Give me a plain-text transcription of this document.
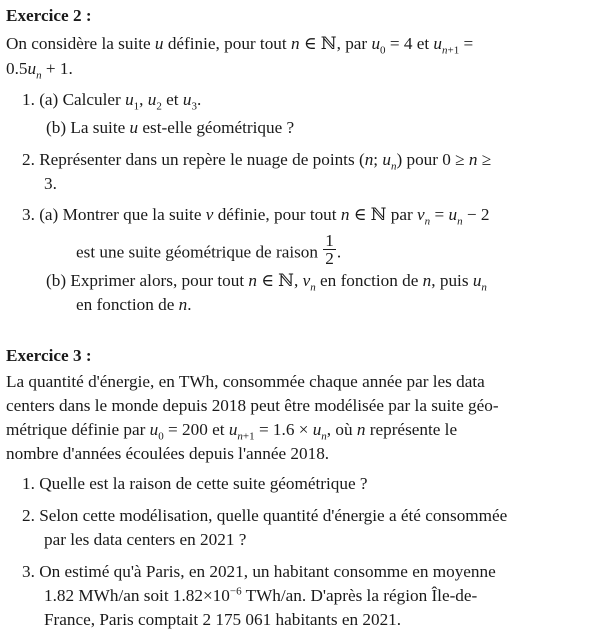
Exercice 2 :
On considère la suite u définie, pour tout n ∈ ℕ, par $u_0 = 4$ et $u_{n+1}$ =
$0.5u_n + 1$.
1. (a) Calculer $u_1$, $u_2$ et $u_3$.
(b) La suite u est-elle géométrique ?
2. Représenter dans un repère le nuage de points (n; $u_n$) pour 0 ≥ n ≥
3.
3. (a) Montrer que la suite v définie, pour tout n ∈ ℕ par $v_n = u_n - 2$
est une suite géométrique de raison $\frac{1}{2}$ .
(b) Exprimer alors, pour tout n ∈ ℕ, $v_n$ en fonction de n, puis $u_n$
en fonction de n.
Exercice 3 :
La quantité d'énergie, en TWh, consommée chaque année par les data
centers dans le monde depuis 2018 peut être modélisée par la suite géo-
métrique définie par $u_0 = 200$ et $u_{n+1} = 1.6 \times u_n$, où n représente le
nombre d'années écoulées depuis l'année 2018.
1. Quelle est la raison de cette suite géométrique ?
2. Selon cette modélisation, quelle quantité d'énergie a été consommée
par les data centers en 2021 ?
3. On estimé qu'à Paris, en 2021, un habitant consomme en moyenne
1.82 MWh/an soit $1.82\times 10^{-6}$ TWh/an. D'après la région Île-de-
France, Paris comptait 2 175 061 habitants en 2021.
